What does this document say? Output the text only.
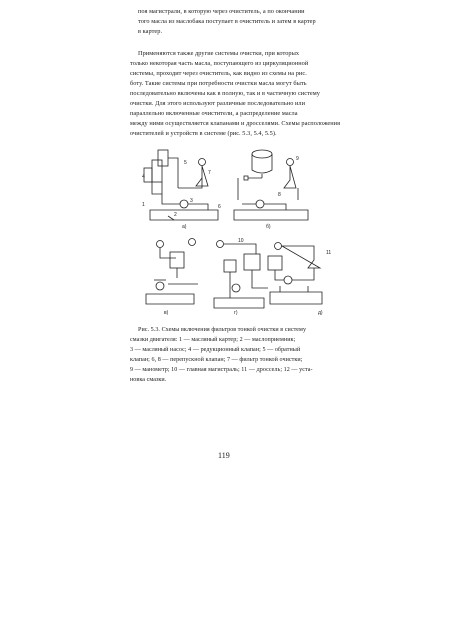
поя магистрали, в которую через очиститель, а по окончании
того масла из маслобака поступает в очиститель и затем в картер
в картер.
Применяются также другие системы очистки, при которых
только некоторая часть масла, поступающего из циркуляционной
системы, проходит через очиститель, как видно из схемы на рис.
боту. Такие системы при потребности очистки масла могут быть
последовательно включены как в полную, так и в частичную систему
очистки. Для этого используют различные последовательно или
параллельно включенные очистители, а распределение масла
между ними осуществляется клапанами и дросселями. Схемы расположения
очистителей и устройств в системе (рис. 5.3, 5.4, 5.5).
а)	б)
в)	г)	д)
1
2
3
4
5
6
7
8
9
10
11
Рис. 5.3. Схемы включения фильтров тонкой очистки в систему
смазки двигателя: 1 — масляный картер; 2 — маслоприемник;
3 — масляный насос; 4 — редукционный клапан; 5 — обратный
клапан; 6, 8 — перепускной клапан; 7 — фильтр тонкой очистки;
9 — манометр; 10 — главная магистраль; 11 — дроссель; 12 — уста-
новка смазки.
119
